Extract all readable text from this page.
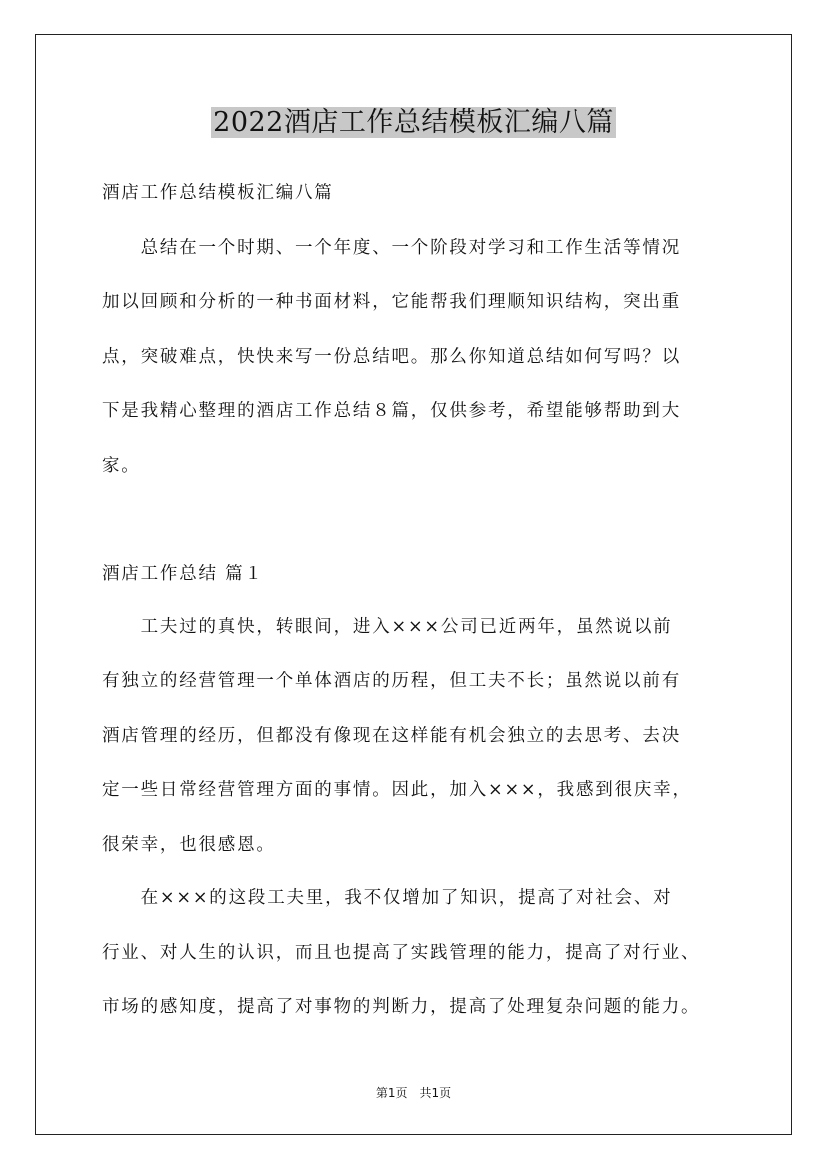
2022酒店工作总结模板汇编八篇
酒店工作总结模板汇编八篇
　　总结在一个时期、一个年度、一个阶段对学习和工作生活等情况
加以回顾和分析的一种书面材料，它能帮我们理顺知识结构，突出重
点，突破难点，快快来写一份总结吧。那么你知道总结如何写吗？以
下是我精心整理的酒店工作总结８篇，仅供参考，希望能够帮助到大
家。
酒店工作总结 篇１
　　工夫过的真快，转眼间，进入×××公司已近两年，虽然说以前
有独立的经营管理一个单体酒店的历程，但工夫不长；虽然说以前有
酒店管理的经历，但都没有像现在这样能有机会独立的去思考、去决
定一些日常经营管理方面的事情。因此，加入×××，我感到很庆幸，
很荣幸，也很感恩。
　　在×××的这段工夫里，我不仅增加了知识，提高了对社会、对
行业、对人生的认识，而且也提高了实践管理的能力，提高了对行业、
市场的感知度，提高了对事物的判断力，提高了处理复杂问题的能力。
第1页　共1页
